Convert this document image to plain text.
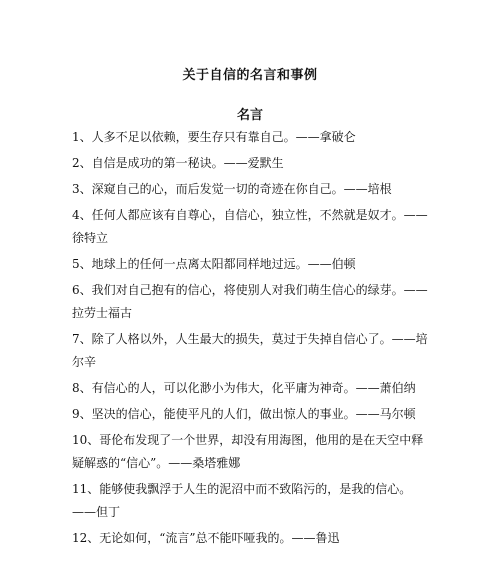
关于自信的名言和事例
名言

1、人多不足以依赖，要生存只有靠自己。——拿破仑

2、自信是成功的第一秘诀。——爱默生

3、深窥自己的心，而后发觉一切的奇迹在你自己。——培根

4、任何人都应该有自尊心，自信心，独立性，不然就是奴才。——徐特立

5、地球上的任何一点离太阳都同样地过远。——伯顿

6、我们对自己抱有的信心，将使别人对我们萌生信心的绿芽。——拉劳士福古

7、除了人格以外，人生最大的损失，莫过于失掉自信心了。——培尔辛

8、有信心的人，可以化渺小为伟大，化平庸为神奇。——萧伯纳

9、坚决的信心，能使平凡的人们，做出惊人的事业。——马尔顿

10、哥伦布发现了一个世界，却没有用海图，他用的是在天空中释疑解惑的“信心”。——桑塔雅娜

11、能够使我飘浮于人生的泥沼中而不致陷污的，是我的信心。——但丁

12、无论如何，“流言”总不能吓哑我的。——鲁迅
